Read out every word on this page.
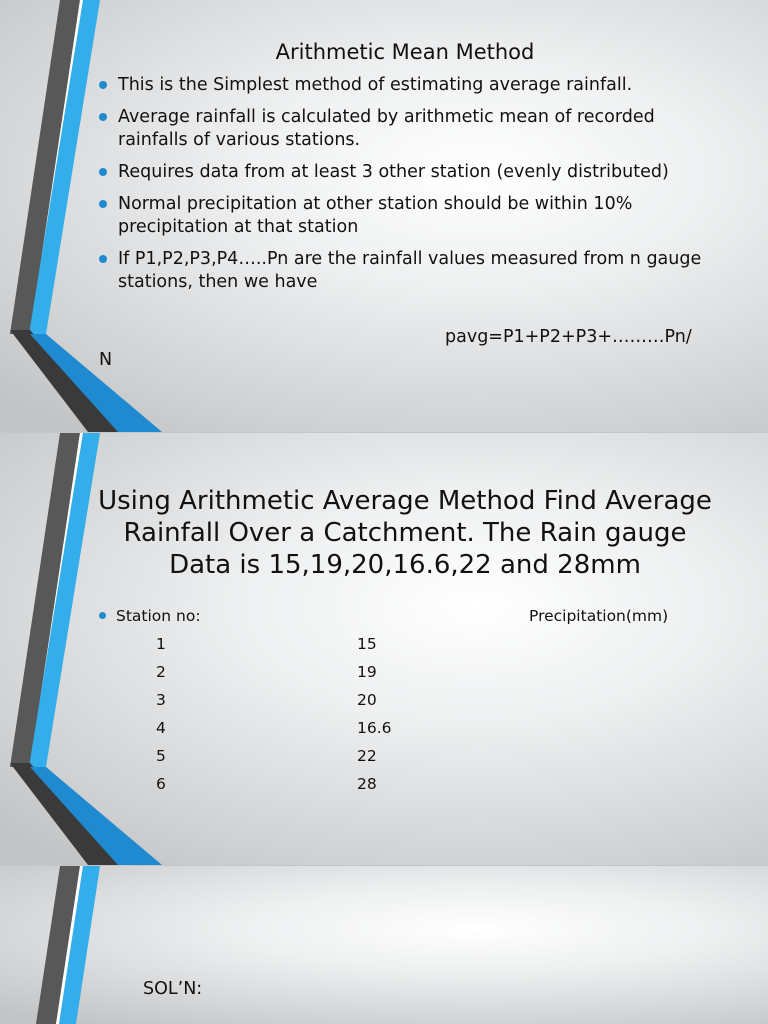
Arithmetic Mean Method
This is the Simplest method of estimating average rainfall.
Average rainfall is calculated by arithmetic mean of recorded rainfalls of various stations.
Requires data from at least 3 other station (evenly distributed)
Normal precipitation at other station should be within 10% precipitation at that station
If P1,P2,P3,P4…..Pn are the rainfall values measured from n gauge stations, then we have
pavg=P1+P2+P3+………Pn/
N
Using Arithmetic Average Method Find Average Rainfall Over a Catchment. The Rain gauge Data is 15,19,20,16.6,22 and 28mm
Station no:	Precipitation(mm)
1	15
2	19
3	20
4	16.6
5	22
6	28
SOL’N:
